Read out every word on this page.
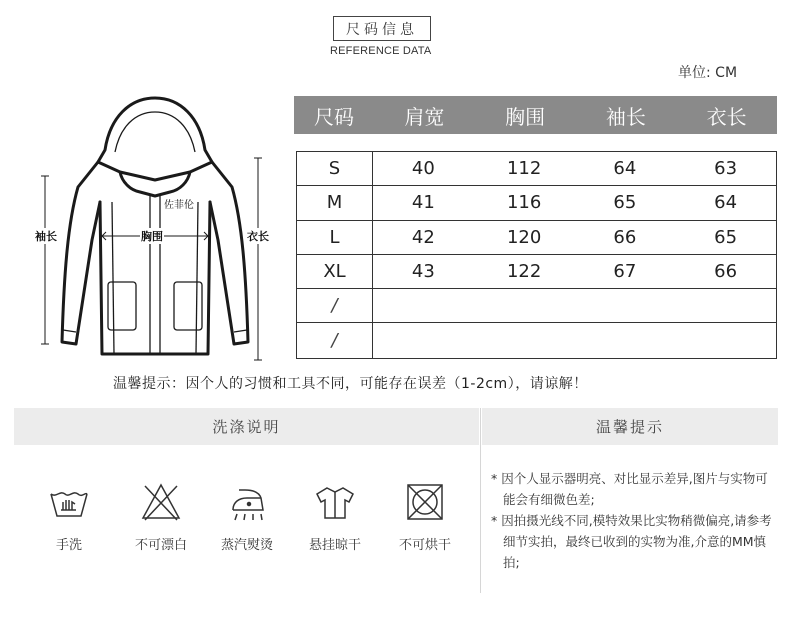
尺码信息
REFERENCE DATA
单位: CM
袖长	胸围	衣长
佐菲伦
尺码	肩宽	胸围	袖长	衣长
S	40	112	64	63
M	41	116	65	64
L	42	120	66	65
XL	43	122	67	66
/
/
温馨提示：因个人的习惯和工具不同，可能存在误差（1-2cm），请谅解！
洗涤说明	温馨提示
手洗	不可漂白	蒸汽熨烫	悬挂晾干	不可烘干

* 因个人显示器明亮、对比显示差异,图片与实物可能会有细微色差;

* 因拍摄光线不同,模特效果比实物稍微偏亮,请参考细节实拍，最终已收到的实物为准,介意的MM慎拍;
